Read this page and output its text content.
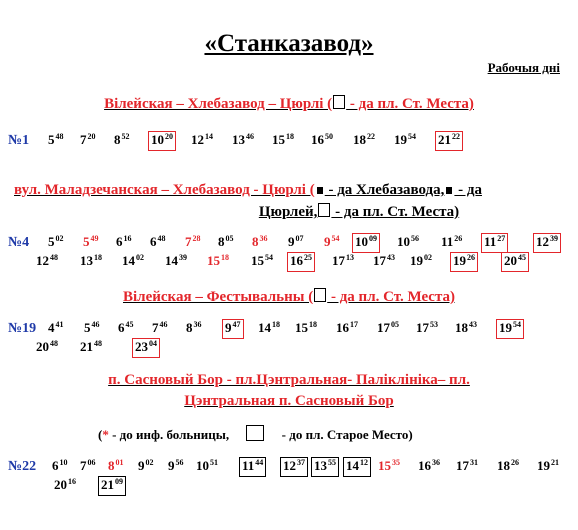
«Станказавод»
Рабочыя дні
Вілейская – Хлебазавод – Цюрлі ( - да пл. Ст. Места)
вул. Маладзечанская – Хлебазавод - Цюрлі ( - да Хлебазавода, - да
Цюрлей, - да пл. Ст. Места)
Вілейская – Фестывальны ( - да пл. Ст. Места)
п. Сасновый Бор - пл.Цэнтральная- Паліклініка– пл.
Цэнтральная п. Сасновый Бор
(* - до инф. больницы,	- до пл. Старое Место)
№1
№4
№19
№22
$5^{48}$ $7^{20}$ $8^{52}$ $10^{20}$ $12^{14}$ $13^{46}$ $15^{18}$ $16^{50}$ $18^{22}$ $19^{54}$ $21^{22}$
$5^{02}$ $5^{49}$ $6^{16}$ $6^{48}$ $7^{28}$ $8^{05}$ $8^{36}$ $9^{07}$ $9^{54}$ $10^{09}$ $10^{56}$ $11^{26}$ $11^{27}$ $12^{39}$
$12^{48}$ $13^{18}$ $14^{02}$ $14^{39}$ $15^{18}$ $15^{54}$ $16^{25}$ $17^{13}$ $17^{43}$ $19^{02}$ $19^{26}$ $20^{45}$
$4^{41}$ $5^{46}$ $6^{45}$ $7^{46}$ $8^{36}$ $9^{47}$ $14^{18}$ $15^{18}$ $16^{17}$ $17^{05}$ $17^{53}$ $18^{43}$ $19^{54}$
$20^{48}$ $21^{48}$	$23^{04}$
$6^{10}$ $7^{06}$ $8^{01}$ $9^{02}$ $9^{56}$ $10^{51}$ $11^{44}$ $12^{37}$ $13^{55}$ $14^{12}$ $15^{35}$ $16^{36}$ $17^{31}$ $18^{26}$ $19^{21}$
$20^{16}$ $21^{09}$
